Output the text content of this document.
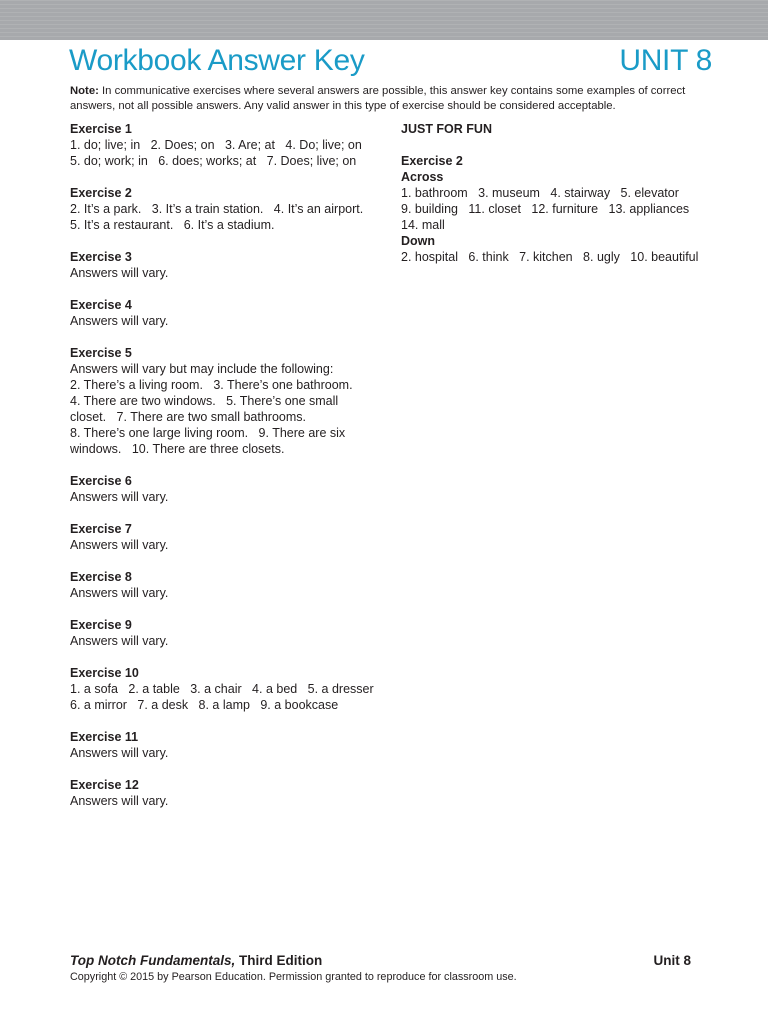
Workbook Answer Key	UNIT 8
Note: In communicative exercises where several answers are possible, this answer key contains some examples of correct answers, not all possible answers. Any valid answer in this type of exercise should be considered acceptable.
Exercise 1
1. do; live; in   2. Does; on   3. Are; at   4. Do; live; on
5. do; work; in   6. does; works; at   7. Does; live; on
Exercise 2
2. It’s a park.   3. It’s a train station.   4. It’s an airport.
5. It’s a restaurant.   6. It’s a stadium.
Exercise 3
Answers will vary.
Exercise 4
Answers will vary.
Exercise 5
Answers will vary but may include the following:
2. There’s a living room.   3. There’s one bathroom.
4. There are two windows.   5. There’s one small
closet.   7. There are two small bathrooms.
8. There’s one large living room.   9. There are six
windows.   10. There are three closets.
Exercise 6
Answers will vary.
Exercise 7
Answers will vary.
Exercise 8
Answers will vary.
Exercise 9
Answers will vary.
Exercise 10
1. a sofa   2. a table   3. a chair   4. a bed   5. a dresser
6. a mirror   7. a desk   8. a lamp   9. a bookcase
Exercise 11
Answers will vary.
Exercise 12
Answers will vary.
JUST FOR FUN
Exercise 2
Across
1. bathroom   3. museum   4. stairway   5. elevator
9. building   11. closet   12. furniture   13. appliances
14. mall
Down
2. hospital   6. think   7. kitchen   8. ugly   10. beautiful
Top Notch Fundamentals, Third Edition	Unit 8
Copyright © 2015 by Pearson Education. Permission granted to reproduce for classroom use.
